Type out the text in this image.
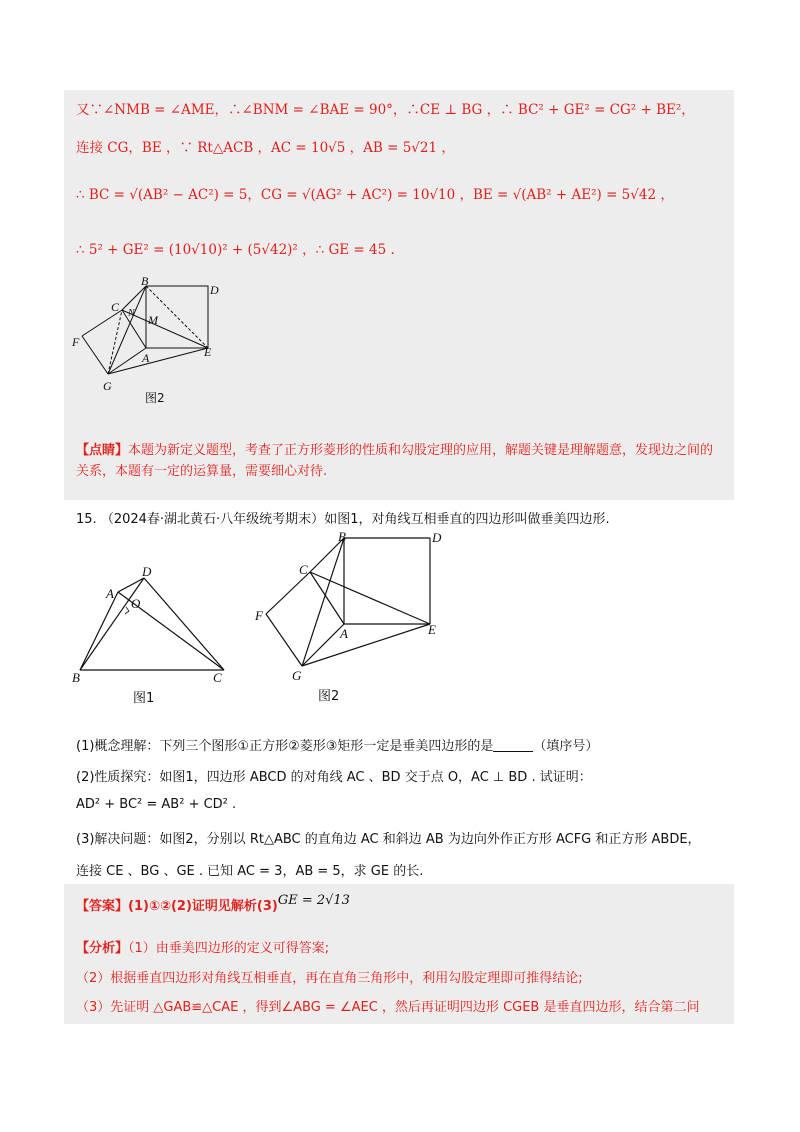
又∵∠NMB = ∠AME，∴∠BNM = ∠BAE = 90°，∴CE ⊥ BG ，∴ BC² + GE² = CG² + BE²，
连接 CG，BE ，∵ Rt△ACB ，AC = 10√5 ，AB = 5√21 ，
∴ BC = √(AB² − AC²) = 5，CG = √(AG² + AC²) = 10√10 ，BE = √(AB² + AE²) = 5√42 ，
∴ 5² + GE² = (10√10)² + (5√42)² ，∴ GE = 45 .
B
D
C N M
F
A	E
G
图2
【点睛】本题为新定义题型，考查了正方形菱形的性质和勾股定理的应用，解题关键是理解题意，发现边之间的关系，本题有一定的运算量，需要细心对待.
15. （2024春·湖北黄石·八年级统考期末）如图1，对角线互相垂直的四边形叫做垂美四边形.
A
D
O
B	C
图1
B	D
C
F
A	E
G
图2
(1)概念理解：下列三个图形①正方形②菱形③矩形一定是垂美四边形的是	（填序号）
(2)性质探究：如图1，四边形 ABCD 的对角线 AC 、BD 交于点 O，AC ⊥ BD . 试证明：
AD² + BC² = AB² + CD² .
(3)解决问题：如图2，分别以 Rt△ABC 的直角边 AC 和斜边 AB 为边向外作正方形 ACFG 和正方形 ABDE，
连接 CE 、BG 、GE . 已知 AC = 3，AB = 5，求 GE 的长.
【答案】(1)①②(2)证明见解析(3)GE = 2√13
【分析】（1）由垂美四边形的定义可得答案;
（2）根据垂直四边形对角线互相垂直，再在直角三角形中，利用勾股定理即可推得结论;
（3）先证明 △GAB≌△CAE ，得到∠ABG = ∠AEC ，然后再证明四边形 CGEB 是垂直四边形，结合第二问
